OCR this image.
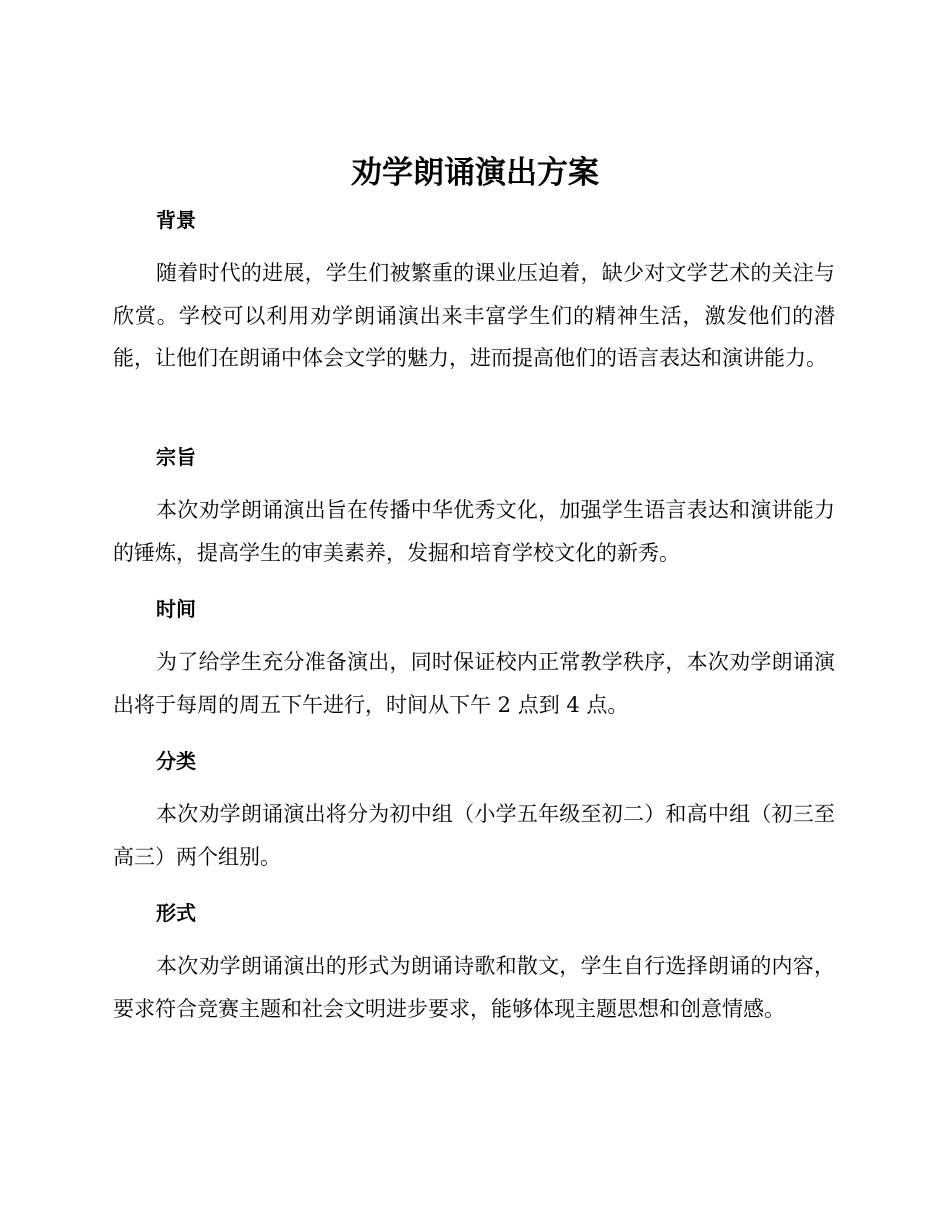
劝学朗诵演出方案
背景

随着时代的进展，学生们被繁重的课业压迫着，缺少对文学艺术的关注与欣赏。学校可以利用劝学朗诵演出来丰富学生们的精神生活，激发他们的潜能，让他们在朗诵中体会文学的魅力，进而提高他们的语言表达和演讲能力。

宗旨

本次劝学朗诵演出旨在传播中华优秀文化，加强学生语言表达和演讲能力的锤炼，提高学生的审美素养，发掘和培育学校文化的新秀。

时间

为了给学生充分准备演出，同时保证校内正常教学秩序，本次劝学朗诵演出将于每周的周五下午进行，时间从下午 2 点到 4 点。

分类

本次劝学朗诵演出将分为初中组（小学五年级至初二）和高中组（初三至高三）两个组别。

形式

本次劝学朗诵演出的形式为朗诵诗歌和散文，学生自行选择朗诵的内容，要求符合竞赛主题和社会文明进步要求，能够体现主题思想和创意情感。
